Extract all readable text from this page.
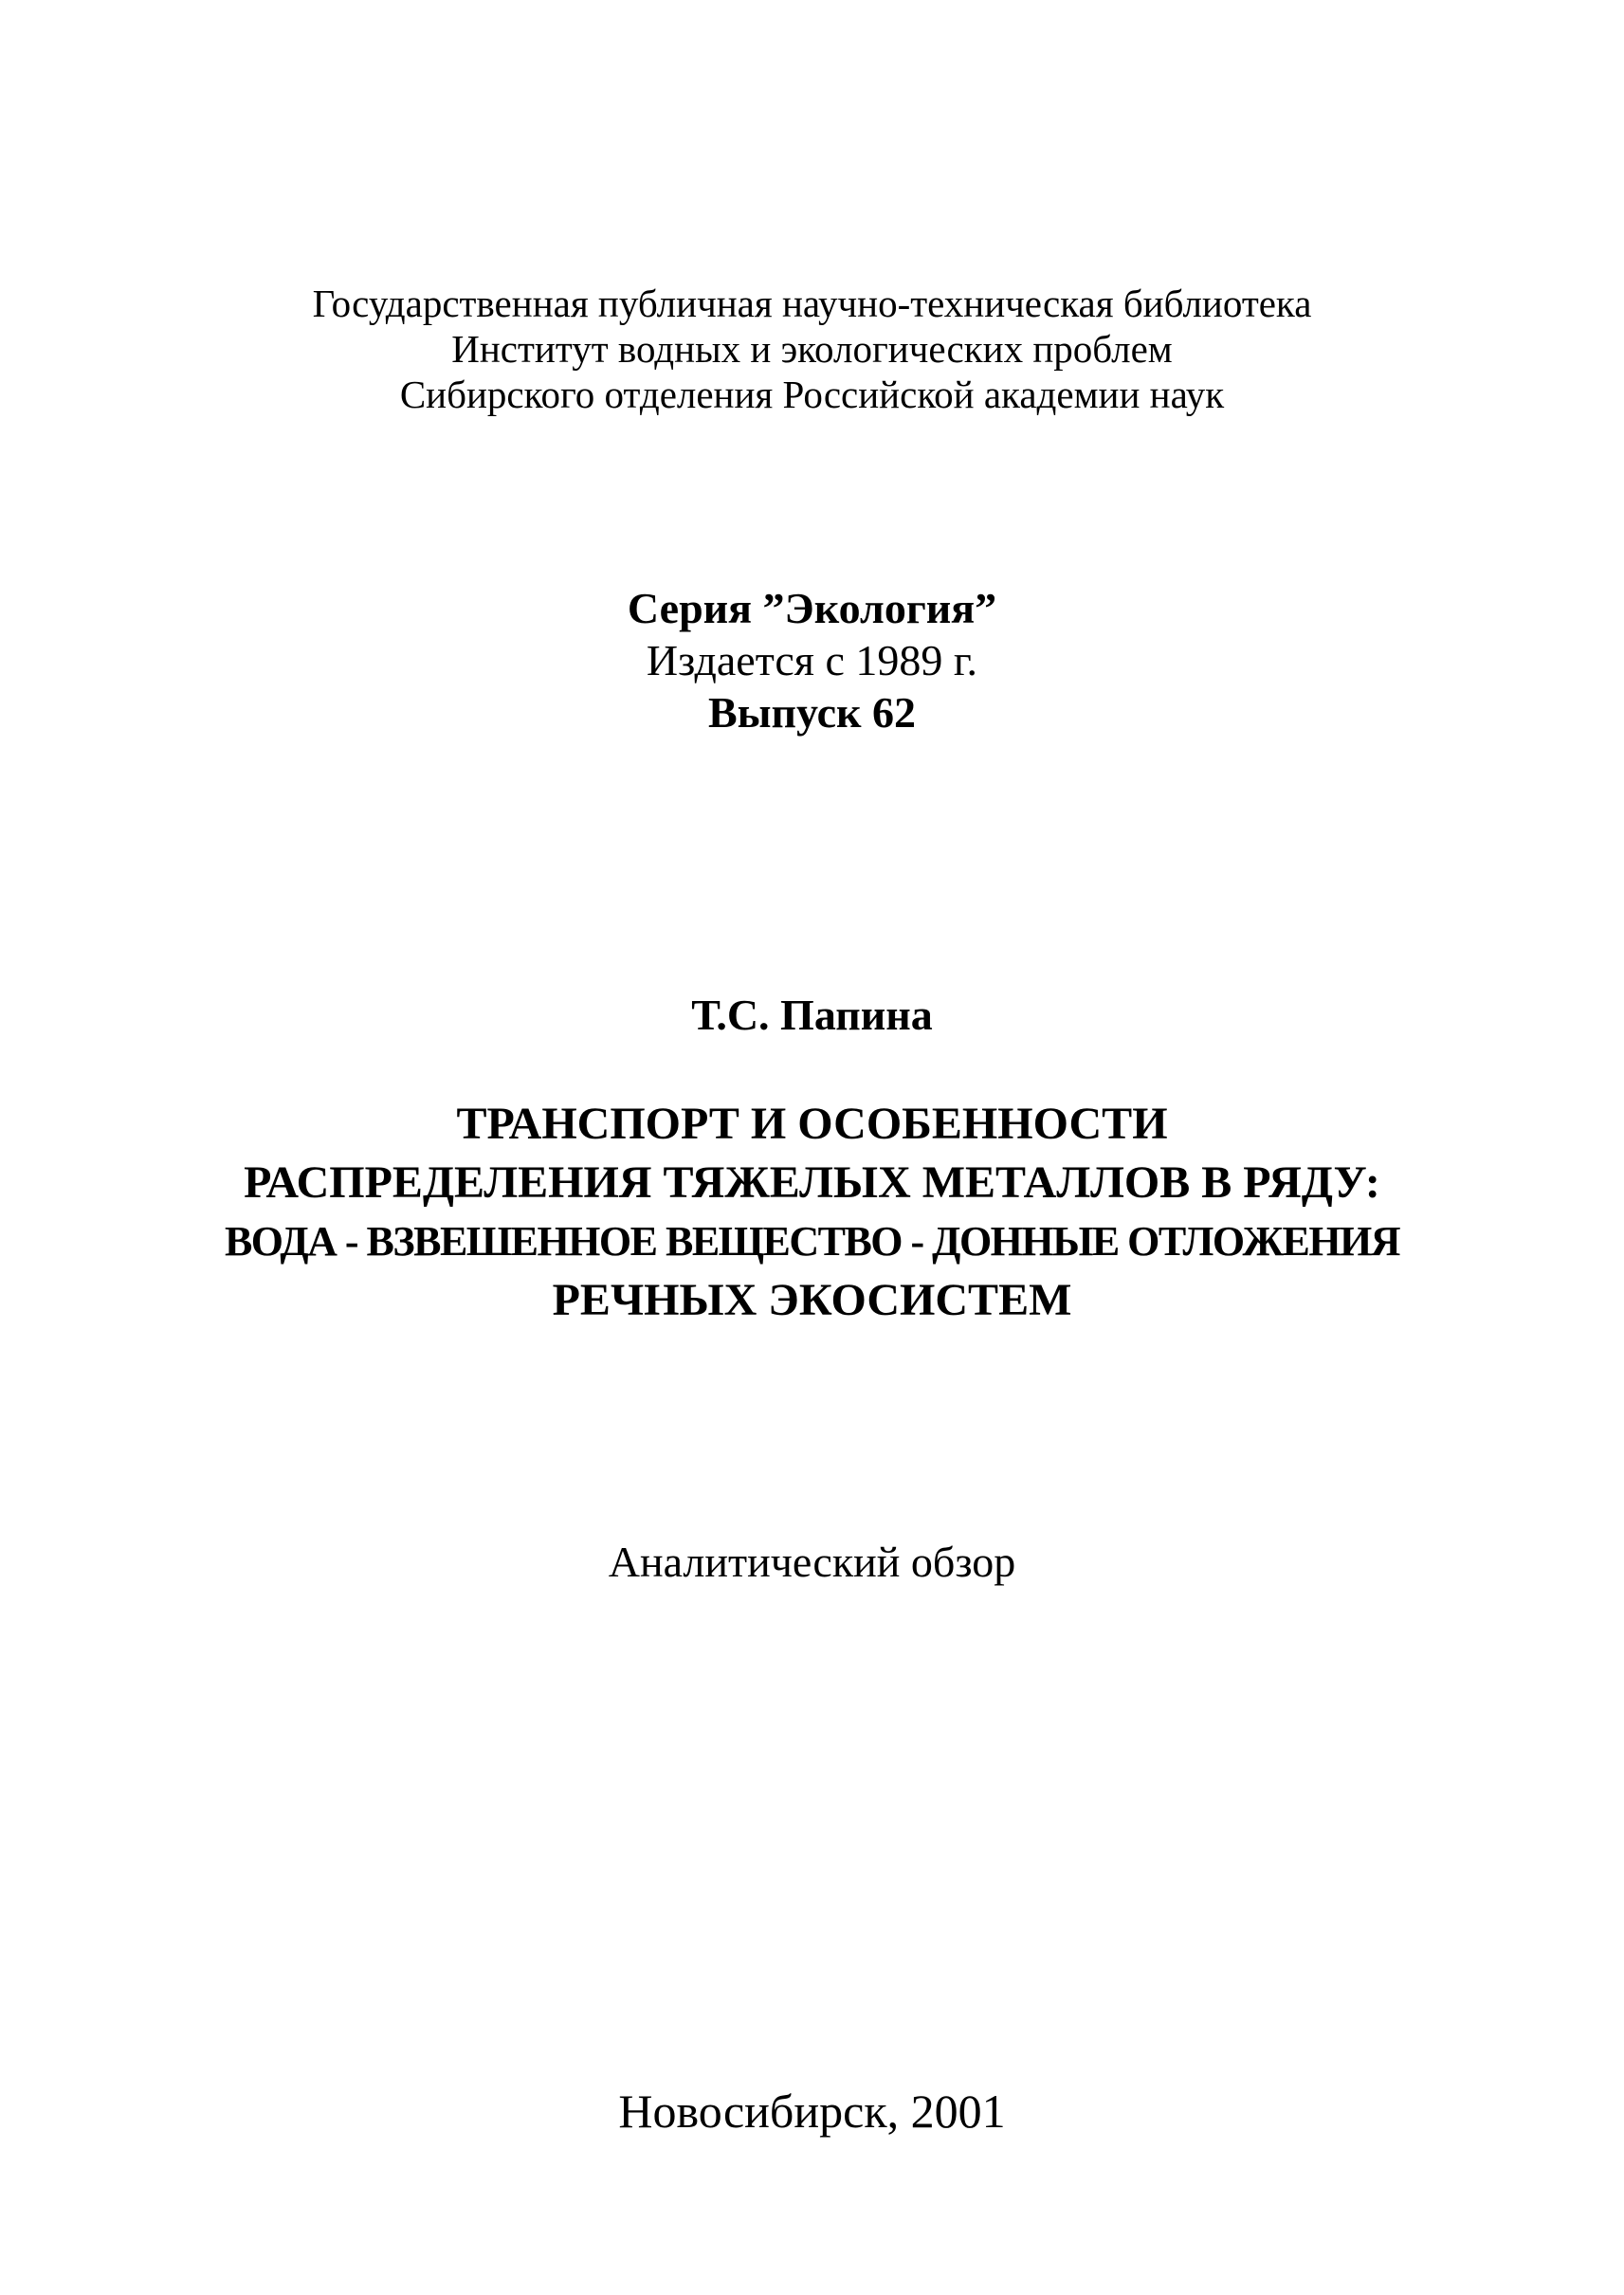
Государственная публичная научно-техническая библиотека
Институт водных и экологических проблем
Сибирского отделения Российской академии наук
Серия ”Экология”
Издается с 1989 г.
Выпуск 62
Т.С. Папина
ТРАНСПОРТ И ОСОБЕННОСТИ
РАСПРЕДЕЛЕНИЯ ТЯЖЕЛЫХ МЕТАЛЛОВ В РЯДУ:
ВОДА - ВЗВЕШЕННОЕ ВЕЩЕСТВО - ДОННЫЕ ОТЛОЖЕНИЯ
РЕЧНЫХ ЭКОСИСТЕМ
Аналитический обзор
Новосибирск, 2001
